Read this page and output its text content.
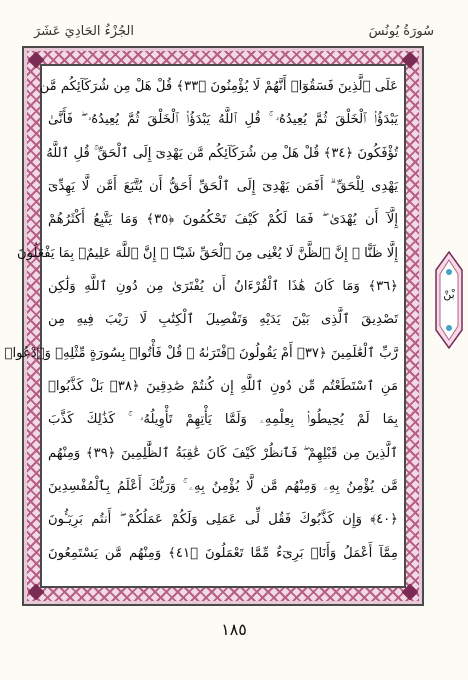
سُورَةُ يُونُسَ
الجُزْءُ الحَادِيَ عَشَرَ
عَلَى ٱلَّذِينَ فَسَقُوٓا۟ أَنَّهُمْ لَا يُؤْمِنُونَ ﴿٣٣﴾ قُلْ هَلْ مِن شُرَكَآئِكُم مَّن
يَبْدَؤُا۟ ٱلْخَلْقَ ثُمَّ يُعِيدُهُۥ ۚ قُلِ ٱللَّهُ يَبْدَؤُا۟ ٱلْخَلْقَ ثُمَّ يُعِيدُهُۥ ۖ فَأَنَّىٰ
تُؤْفَكُونَ ﴿٣٤﴾ قُلْ هَلْ مِن شُرَكَآئِكُم مَّن يَهْدِىٓ إِلَى ٱلْحَقِّ ۚ قُلِ ٱللَّهُ
يَهْدِى لِلْحَقِّ ۗ أَفَمَن يَهْدِىٓ إِلَى ٱلْحَقِّ أَحَقُّ أَن يُتَّبَعَ أَمَّن لَّا يَهِدِّىٓ
إِلَّآ أَن يُهْدَىٰ ۖ فَمَا لَكُمْ كَيْفَ تَحْكُمُونَ ﴿٣٥﴾ وَمَا يَتَّبِعُ أَكْثَرُهُمْ
إِلَّا ظَنًّا ۚ إِنَّ ٱلظَّنَّ لَا يُغْنِى مِنَ ٱلْحَقِّ شَيْـًٔا ۚ إِنَّ ٱللَّهَ عَلِيمٌۢ بِمَا يَفْعَلُونَ
﴿٣٦﴾ وَمَا كَانَ هَٰذَا ٱلْقُرْءَانُ أَن يُفْتَرَىٰ مِن دُونِ ٱللَّهِ وَلَٰكِن
تَصْدِيقَ ٱلَّذِى بَيْنَ يَدَيْهِ وَتَفْصِيلَ ٱلْكِتَٰبِ لَا رَيْبَ فِيهِ مِن
رَّبِّ ٱلْعَٰلَمِينَ ﴿٣٧﴾ أَمْ يَقُولُونَ ٱفْتَرَىٰهُ ۖ قُلْ فَأْتُوا۟ بِسُورَةٍ مِّثْلِهِۦ وَٱدْعُوا۟
مَنِ ٱسْتَطَعْتُم مِّن دُونِ ٱللَّهِ إِن كُنتُمْ صَٰدِقِينَ ﴿٣٨﴾ بَلْ كَذَّبُوا۟
بِمَا لَمْ يُحِيطُوا۟ بِعِلْمِهِۦ وَلَمَّا يَأْتِهِمْ تَأْوِيلُهُۥ ۚ كَذَٰلِكَ كَذَّبَ
ٱلَّذِينَ مِن قَبْلِهِمْ ۖ فَٱنظُرْ كَيْفَ كَانَ عَٰقِبَةُ ٱلظَّٰلِمِينَ ﴿٣٩﴾ وَمِنْهُم
مَّن يُؤْمِنُ بِهِۦ وَمِنْهُم مَّن لَّا يُؤْمِنُ بِهِۦ ۚ وَرَبُّكَ أَعْلَمُ بِٱلْمُفْسِدِينَ
﴿٤٠﴾ وَإِن كَذَّبُوكَ فَقُل لِّى عَمَلِى وَلَكُمْ عَمَلُكُمْ ۖ أَنتُم بَرِيٓـُٔونَ
مِمَّآ أَعْمَلُ وَأَنَا۠ بَرِىٓءٌ مِّمَّا تَعْمَلُونَ ﴿٤١﴾ وَمِنْهُم مَّن يَسْتَمِعُونَ
بْنْ
١٨٥
